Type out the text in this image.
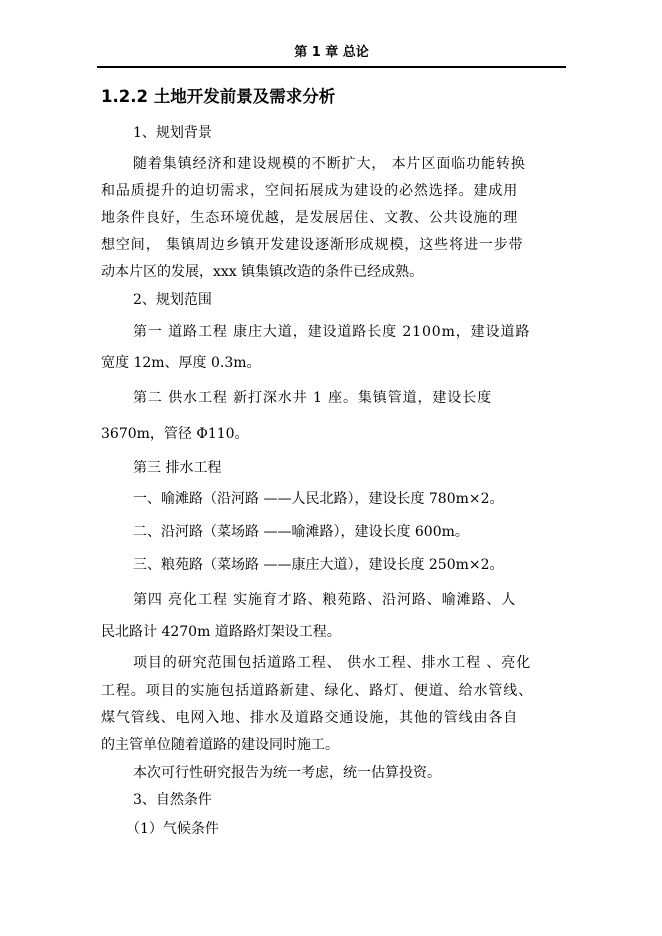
第 1 章 总论
1.2.2 土地开发前景及需求分析
1、规划背景
随着集镇经济和建设规模的不断扩大， 本片区面临功能转换
和品质提升的迫切需求，空间拓展成为建设的必然选择。建成用
地条件良好，生态环境优越，是发展居住、文教、公共设施的理
想空间， 集镇周边乡镇开发建设逐渐形成规模，这些将进一步带
动本片区的发展，xxx 镇集镇改造的条件已经成熟。
2、规划范围
第一 道路工程 康庄大道，建设道路长度 2100m，建设道路
宽度 12m、厚度 0.3m。
第二 供水工程 新打深水井 1 座。集镇管道，建设长度
3670m，管径 Φ110。
第三 排水工程
一、喻滩路（沿河路 ——人民北路），建设长度 780m×2。
二、沿河路（菜场路 ——喻滩路），建设长度 600m。
三、粮苑路（菜场路 ——康庄大道），建设长度 250m×2。
第四 亮化工程 实施育才路、粮苑路、沿河路、喻滩路、人
民北路计 4270m 道路路灯架设工程。
项目的研究范围包括道路工程、 供水工程、排水工程 、亮化
工程。项目的实施包括道路新建、绿化、路灯、便道、给水管线、
煤气管线、电网入地、排水及道路交通设施，其他的管线由各自
的主管单位随着道路的建设同时施工。
本次可行性研究报告为统一考虑，统一估算投资。
3、自然条件
（1）气候条件
